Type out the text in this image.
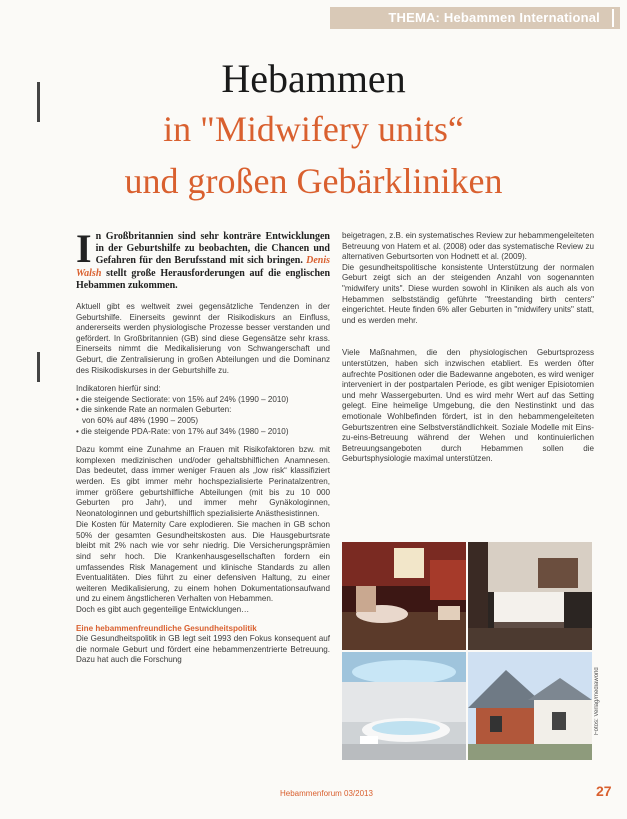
THEMA: Hebammen International
Hebammen
in "Midwifery units“
und großen Gebärkliniken
I n Großbritannien sind sehr konträre Entwicklungen in der Geburtshilfe zu beobachten, die Chancen und Gefahren für den Berufsstand mit sich bringen. Denis Walsh stellt große Herausforderungen auf die englischen Hebammen zukommen.

Aktuell gibt es weltweit zwei gegensätzliche Tendenzen in der Geburtshilfe. Einerseits gewinnt der Risikodiskurs an Einfluss, andererseits werden physiologische Prozesse besser verstanden und gefördert. In Großbritannien (GB) sind diese Gegensätze sehr krass. Einerseits nimmt die Medikalisierung von Schwangerschaft und Geburt, die Zentralisierung in großen Abteilungen und die Dominanz des Risikodiskurses in der Geburtshilfe zu.

Indikatoren hierfür sind:
• die steigende Sectiorate: von 15% auf 24% (1990 – 2010)
• die sinkende Rate an normalen Geburten:
von 60% auf 48% (1990 – 2005)
• die steigende PDA-Rate: von 17% auf 34% (1980 – 2010)

Dazu kommt eine Zunahme an Frauen mit Risikofaktoren bzw. mit komplexen medizinischen und/oder gehaltsbhilflichen Anamnesen. Das bedeutet, dass immer weniger Frauen als „low risk“ klassifiziert werden. Es gibt immer mehr hochspezialisierte Perinatalzentren, immer größere geburtshilfliche Abteilungen (mit bis zu 10 000 Geburten pro Jahr), und immer mehr Gynäkologinnen, Neonatologinnen und geburtshilflich spezialisierte Anästhesistinnen.

Die Kosten für Maternity Care explodieren. Sie machen in GB schon 50% der gesamten Gesundheitskosten aus. Die Hausgeburtsrate bleibt mit 2% nach wie vor sehr niedrig. Die Versicherungsprämien sind sehr hoch. Die Krankenhausgesellschaften fordern ein umfassendes Risk Management und klinische Standards zu allen Eventualitäten. Dies führt zu einer defensiven Haltung, zu einer weiteren Medikalisierung, zu einem hohen Dokumentationsaufwand und zu einem ängstlicheren Verhalten von Hebammen.

Doch es gibt auch gegenteilige Entwicklungen…

Eine hebammenfreundliche Gesundheitspolitik

Die Gesundheitspolitik in GB legt seit 1993 den Fokus konsequent auf die normale Geburt und fördert eine hebammenzentrierte Betreuung. Dazu hat auch die Forschung

beigetragen, z.B. ein systematisches Review zur hebammengeleiteten Betreuung von Hatem et al. (2008) oder das systematische Review zu alternativen Geburtsorten von Hodnett et al. (2009).

Die gesundheitspolitische konsistente Unterstützung der normalen Geburt zeigt sich an der steigenden Anzahl von sogenannten "midwifery units". Diese wurden sowohl in Kliniken als auch als von Hebammen selbstständig geführte "freestanding birth centers" eingerichtet. Heute finden 6% aller Geburten in "midwifery units" statt, und es werden mehr.

Viele Maßnahmen, die den physiologischen Geburtsprozess unterstützen, haben sich inzwischen etabliert. Es werden öfter aufrechte Positionen oder die Badewanne angeboten, es wird weniger interveniert in der postpartalen Periode, es gibt weniger Episiotomien und mehr Wassergeburten. Und es wird mehr Wert auf das Setting gelegt. Eine heimelige Umgebung, die den Nestinstinkt und das emotionale Wohlbefinden fördert, ist in den hebammengeleiteten Geburtszentren eine Selbstverständlichkeit. Soziale Modelle mit Eins-zu-eins-Betreuung während der Wehen und kontinuierlichen Betreuungsangeboten durch Hebammen sollen die Geburtsphysiologie maximal unterstützen.

Fotos: Verlag/mediaworld
Hebammenforum 03/2013	27
